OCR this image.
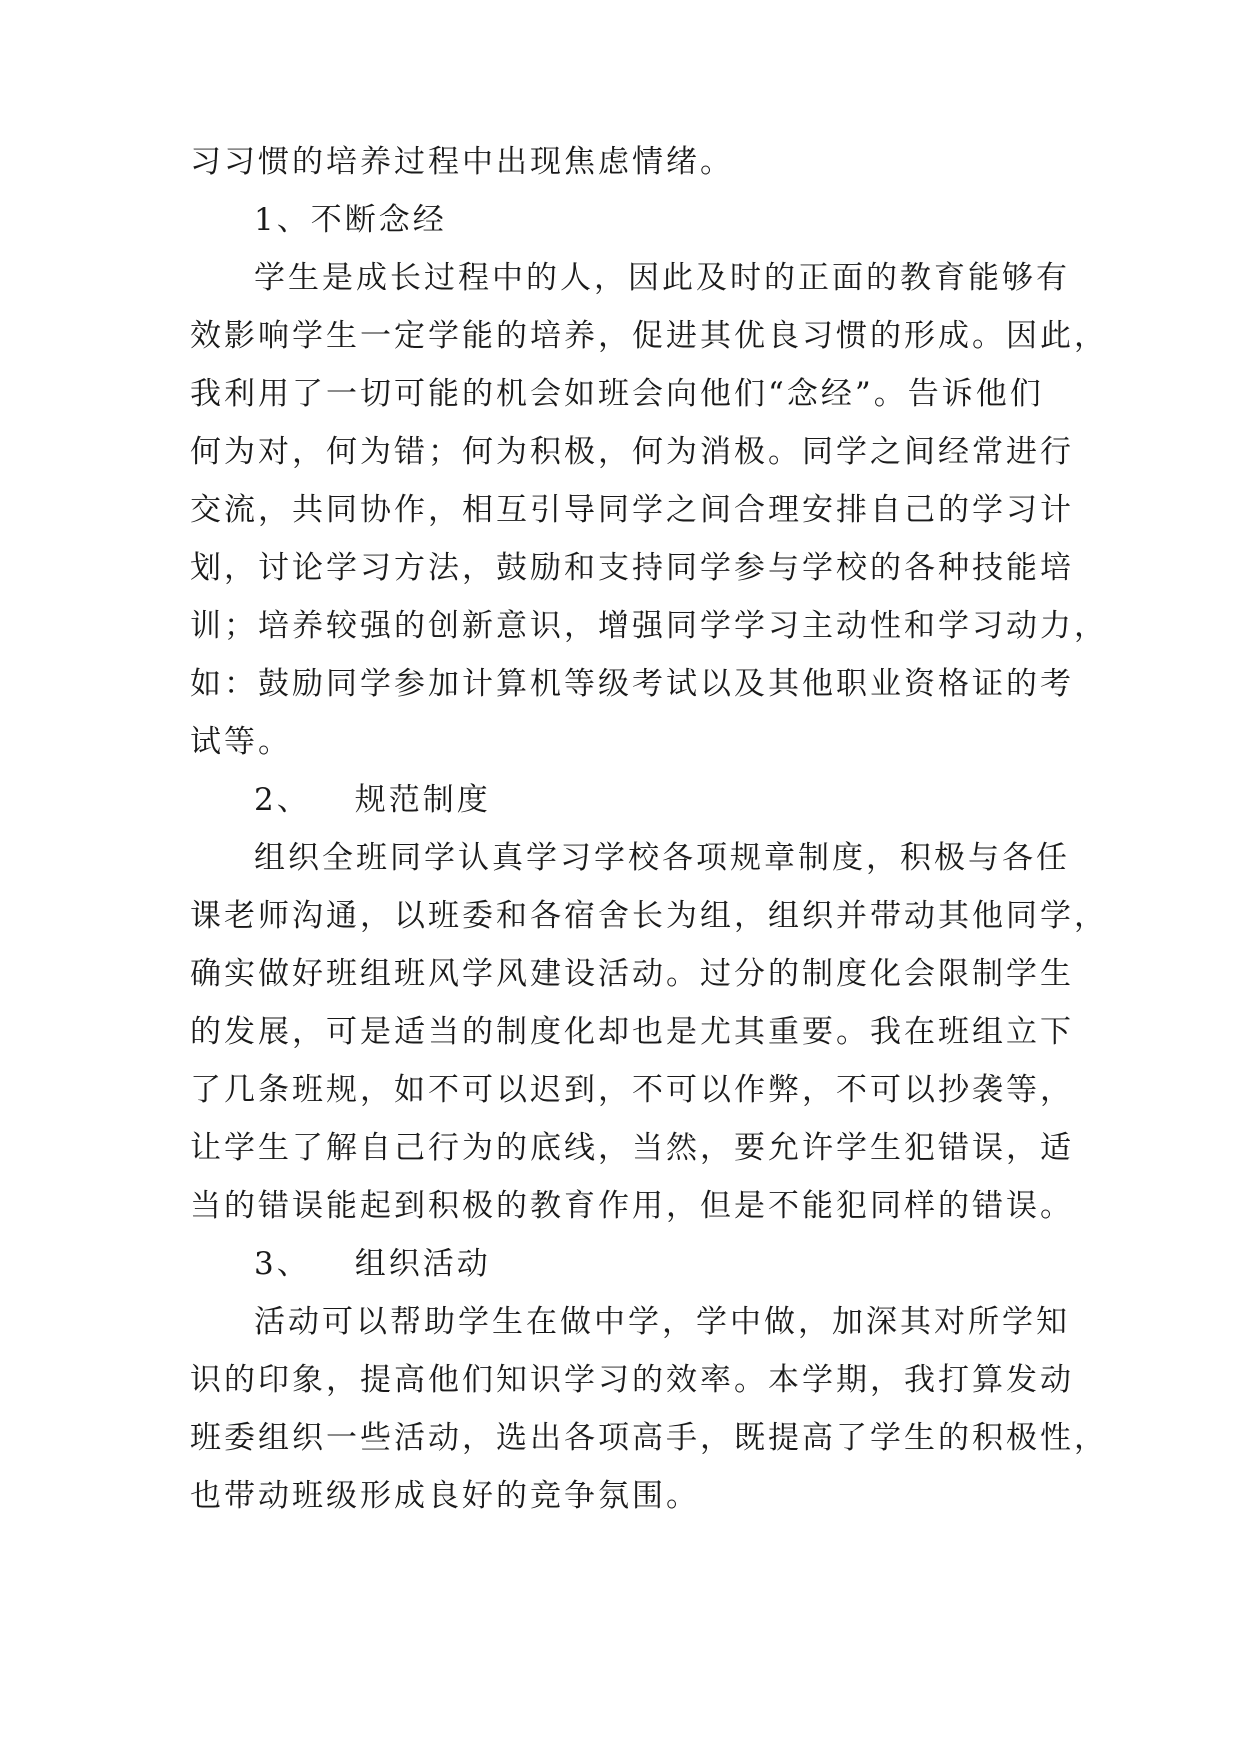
习习惯的培养过程中出现焦虑情绪。
1、不断念经
学生是成长过程中的人，因此及时的正面的教育能够有
效影响学生一定学能的培养，促进其优良习惯的形成。因此，
我利用了一切可能的机会如班会向他们“念经”。告诉他们
何为对，何为错；何为积极，何为消极。同学之间经常进行
交流，共同协作，相互引导同学之间合理安排自己的学习计
划，讨论学习方法，鼓励和支持同学参与学校的各种技能培
训；培养较强的创新意识，增强同学学习主动性和学习动力，
如：鼓励同学参加计算机等级考试以及其他职业资格证的考
试等。
2、 规范制度
组织全班同学认真学习学校各项规章制度，积极与各任
课老师沟通，以班委和各宿舍长为组，组织并带动其他同学，
确实做好班组班风学风建设活动。过分的制度化会限制学生
的发展，可是适当的制度化却也是尤其重要。我在班组立下
了几条班规，如不可以迟到，不可以作弊，不可以抄袭等，
让学生了解自己行为的底线，当然，要允许学生犯错误，适
当的错误能起到积极的教育作用，但是不能犯同样的错误。
3、 组织活动
活动可以帮助学生在做中学，学中做，加深其对所学知
识的印象，提高他们知识学习的效率。本学期，我打算发动
班委组织一些活动，选出各项高手，既提高了学生的积极性，
也带动班级形成良好的竞争氛围。
